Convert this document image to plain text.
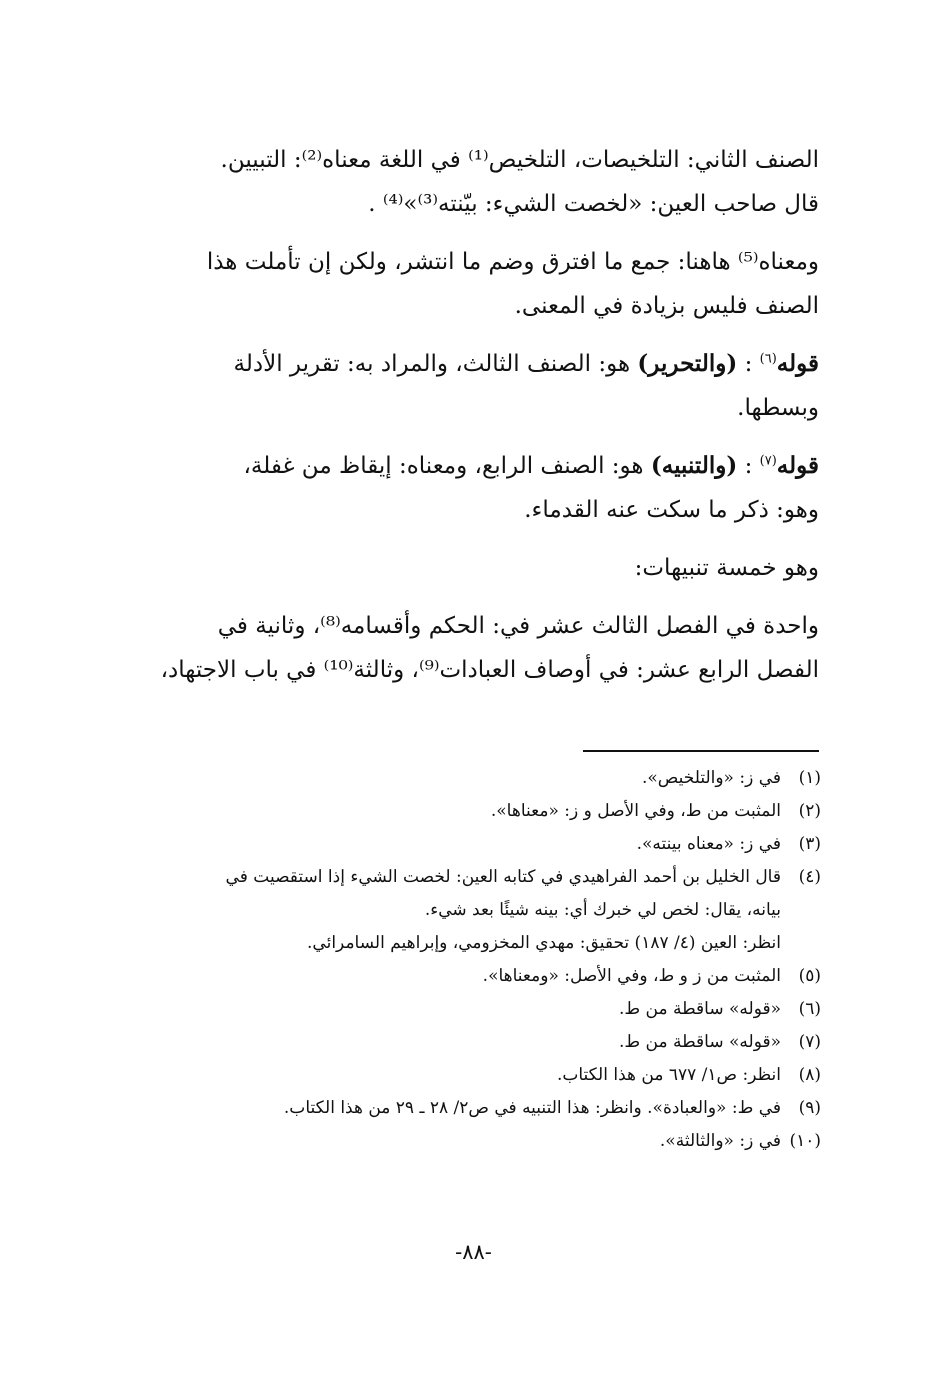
الصنف الثاني: التلخيصات، التلخيص⁽¹⁾ في اللغة معناه⁽²⁾: التبيين.
قال صاحب العين: «لخصت الشيء: بيّنته⁽³⁾»⁽⁴⁾ .

ومعناه⁽⁵⁾ هاهنا: جمع ما افترق وضم ما انتشر، ولكن إن تأملت هذا
الصنف فليس بزيادة في المعنى.

قوله$^{(٦)}$ : (والتحرير) هو: الصنف الثالث، والمراد به: تقرير الأدلة
وبسطها.

قوله$^{(٧)}$ : (والتنبيه) هو: الصنف الرابع، ومعناه: إيقاظ من غفلة،
وهو: ذكر ما سكت عنه القدماء.

وهو خمسة تنبيهات:

واحدة في الفصل الثالث عشر في: الحكم وأقسامه⁽⁸⁾، وثانية في
الفصل الرابع عشر: في أوصاف العبادات⁽⁹⁾، وثالثة⁽¹⁰⁾ في باب الاجتهاد،

(١)
في ز: «والتلخيص».
(٢)
المثبت من ط، وفي الأصل و ز: «معناها».
(٣)
في ز: «معناه بينته».
(٤)
قال الخليل بن أحمد الفراهيدي في كتابه العين: لخصت الشيء إذا استقصيت في
بيانه، يقال: لخص لي خبرك أي: بينه شيئًا بعد شيء.
انظر: العين (٤/ ١٨٧) تحقيق: مهدي المخزومي، وإبراهيم السامرائي.
(٥)
المثبت من ز و ط، وفي الأصل: «ومعناها».
(٦)
«قوله» ساقطة من ط.
(٧)
«قوله» ساقطة من ط.
(٨)
انظر: ص١/ ٦٧٧ من هذا الكتاب.
(٩)
في ط: «والعبادة». وانظر: هذا التنبيه في ص٢/ ٢٨ ـ ٢٩ من هذا الكتاب.
(١٠)
في ز: «والثالثة».
-٨٨-
